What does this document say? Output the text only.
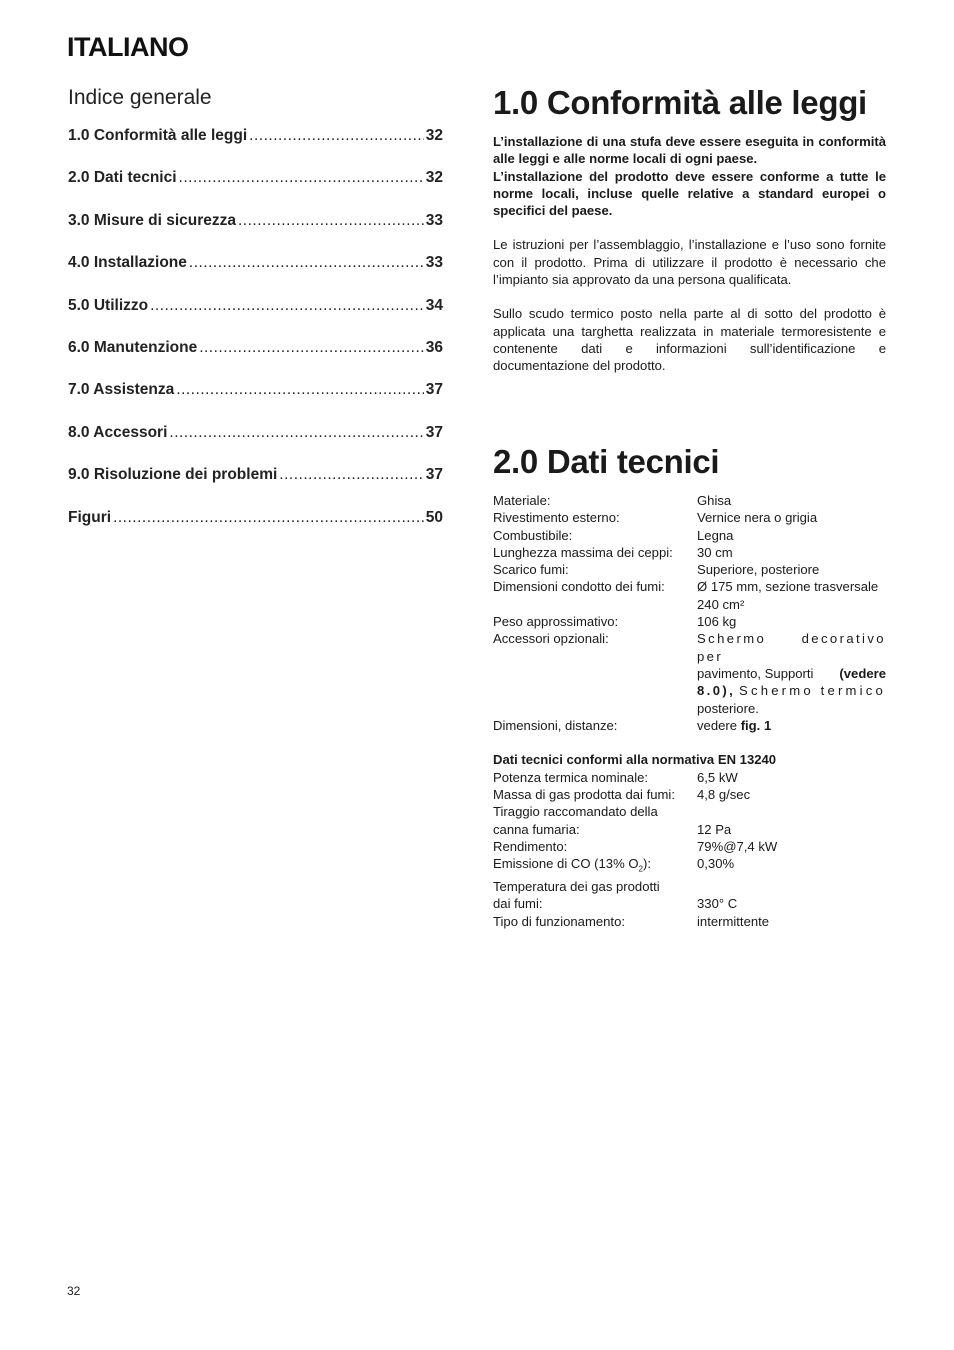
ITALIANO
Indice generale
1.0 Conformità alle leggi .....	32
2.0 Dati tecnici .....	32
3.0 Misure di sicurezza .....	33
4.0 Installazione .....	33
5.0 Utilizzo .....	34
6.0 Manutenzione .....	36
7.0 Assistenza .....	37
8.0 Accessori .....	37
9.0 Risoluzione dei problemi .....	37
Figuri .....	50
1.0 Conformità alle leggi

L’installazione di una stufa deve essere eseguita in conformità alle leggi e alle norme locali di ogni paese.
L’installazione del prodotto deve essere conforme a tutte le norme locali, incluse quelle relative a standard europei o specifici del paese.

Le istruzioni per l’assemblaggio, l’installazione e l’uso sono fornite con il prodotto. Prima di utilizzare il prodotto è necessario che l’impianto sia approvato da una persona qualificata.

Sullo scudo termico posto nella parte al di sotto del prodotto è applicata una targhetta realizzata in materiale termoresistente e contenente dati e informazioni sull’identificazione e documentazione del prodotto.

2.0 Dati tecnici
Materiale:	Ghisa
Rivestimento esterno:	Vernice nera o grigia
Combustibile:	Legna
Lunghezza massima dei ceppi:	30 cm
Scarico fumi:	Superiore, posteriore
Dimensioni condotto dei fumi:	Ø 175 mm, sezione trasversale
240 cm²
Peso approssimativo:	106 kg
Accessori opzionali:	Schermo decorativo per
pavimento, Supporti (vedere
8.0), Schermo termico
posteriore.
Dimensioni, distanze:	vedere fig. 1
Dati tecnici conformi alla normativa EN 13240
Potenza termica nominale:	6,5 kW
Massa di gas prodotta dai fumi:	4,8 g/sec
Tiraggio raccomandato della
canna fumaria:	12 Pa
Rendimento:	79%@7,4 kW
Emissione di CO (13% $O_2$):	0,30%
Temperatura dei gas prodotti
dai fumi:	330° C
Tipo di funzionamento:	intermittente
32
